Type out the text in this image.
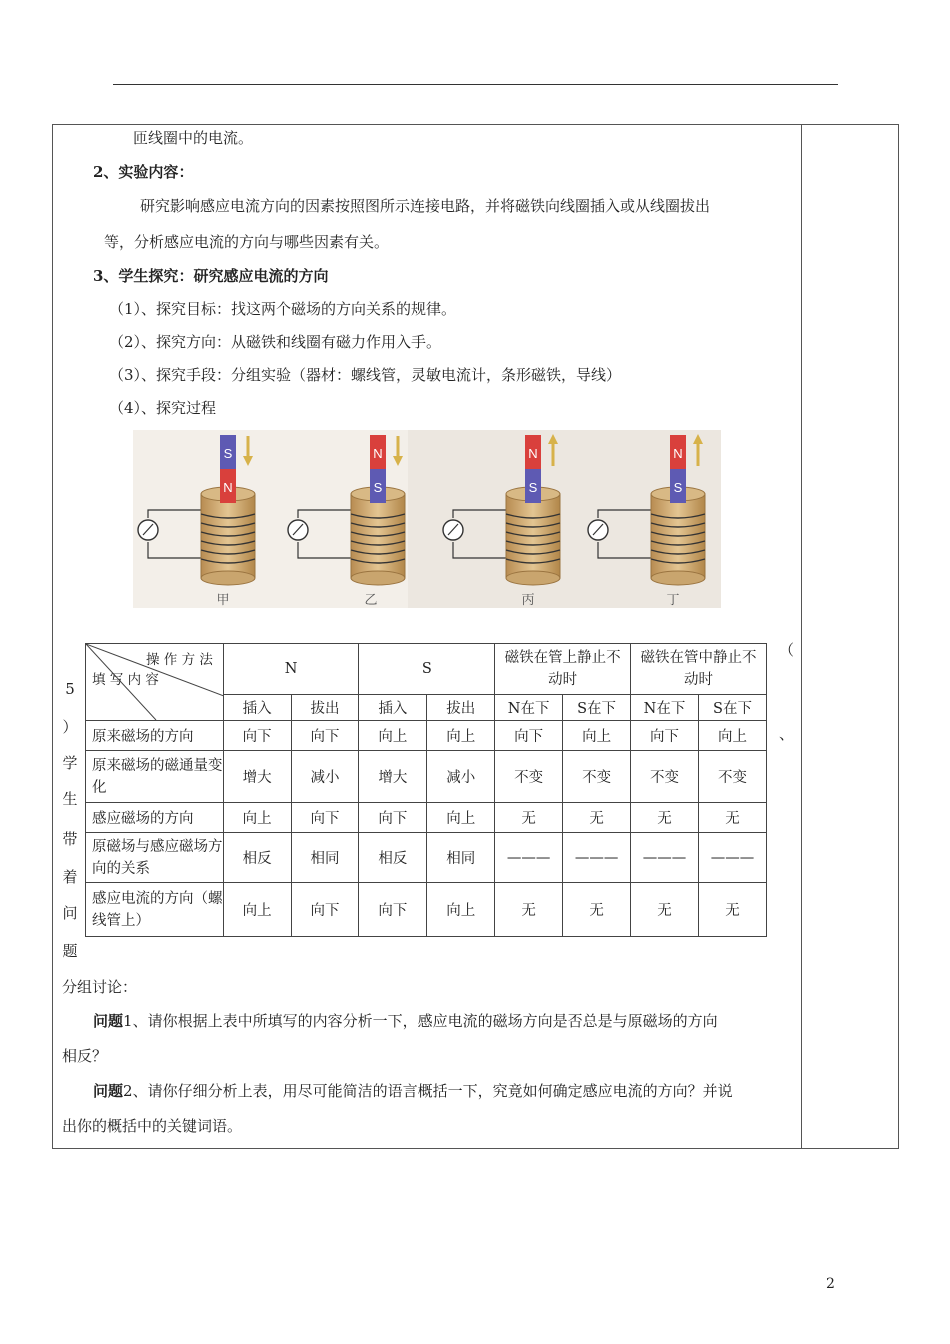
匝线圈中的电流。
2、实验内容：
研究影响感应电流方向的因素按照图所示连接电路，并将磁铁向线圈插入或从线圈拔出
等，分析感应电流的方向与哪些因素有关。
3、学生探究：研究感应电流的方向
（1）、探究目标：找这两个磁场的方向关系的规律。
（2）、探究方向：从磁铁和线圈有磁力作用入手。
（3）、探究手段：分组实验（器材：螺线管，灵敏电流计，条形磁铁，导线）
（4）、探究过程
S
N
N
S
N
S
N
S
甲	乙	丙	丁
5
）
学
生
带
着
问
题
（
、
操 作 方 法
填 写 内 容	N		S		磁铁在管上静止不动时		磁铁在管中静止不动时	
	插入	拔出	插入	拔出	N在下	S在下	N在下	S在下
原来磁场的方向	向下	向下	向上	向上	向下	向上	向下	向上
原来磁场的磁通量变化	增大	减小	增大	减小	不变	不变	不变	不变
感应磁场的方向	向上	向下	向下	向上	无	无	无	无
原磁场与感应磁场方向的关系	相反	相同	相反	相同	———	———	———	———
感应电流的方向（螺线管上）	向上	向下	向下	向上	无	无	无	无
分组讨论：
问题1、请你根据上表中所填写的内容分析一下，感应电流的磁场方向是否总是与原磁场的方向
相反？
问题2、请你仔细分析上表，用尽可能简洁的语言概括一下，究竟如何确定感应电流的方向？并说
出你的概括中的关键词语。
2
